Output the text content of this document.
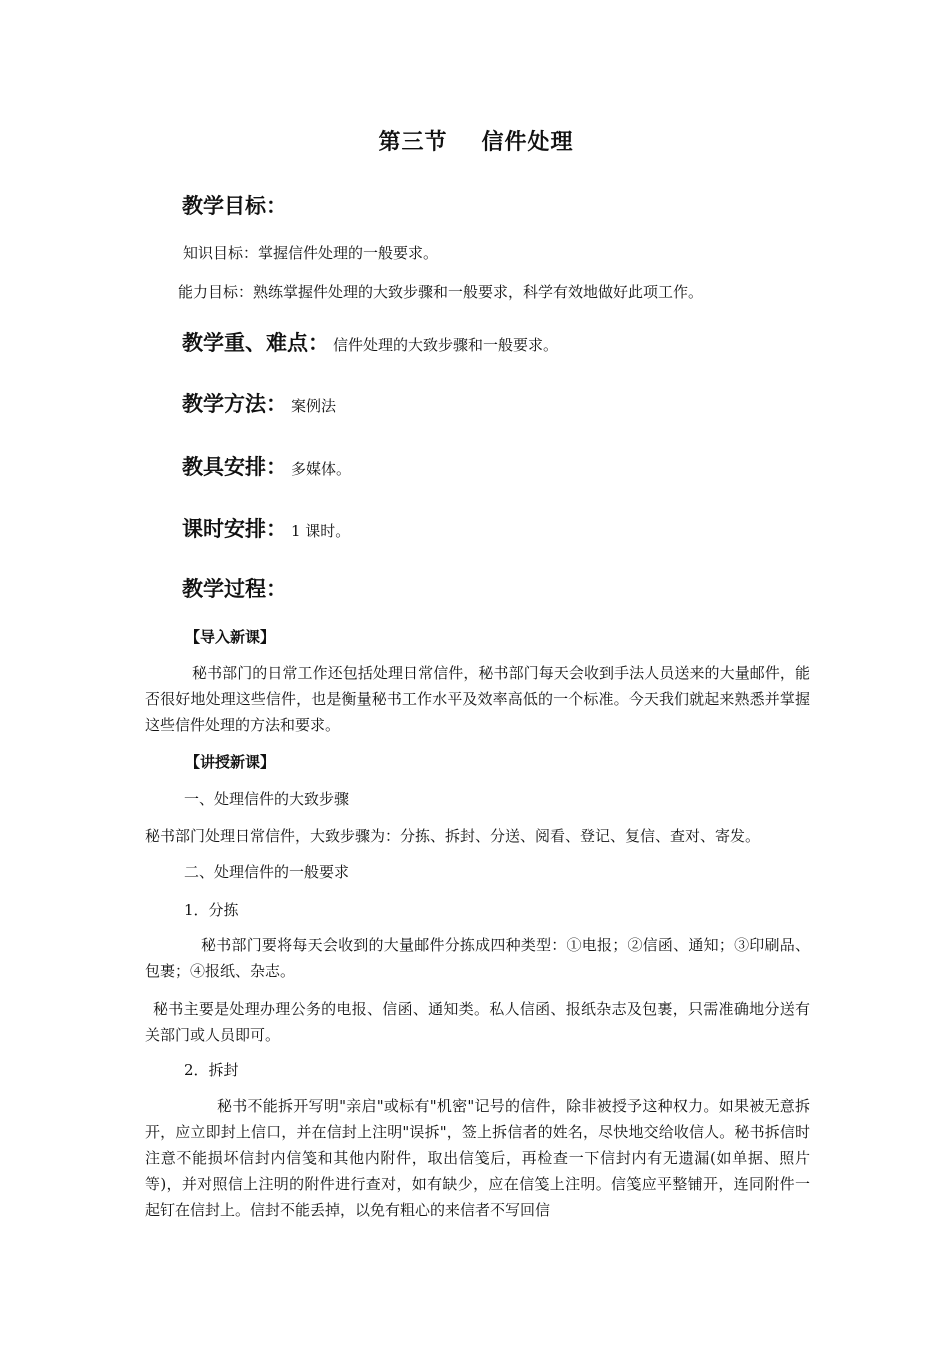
第三节 信件处理
教学目标：
知识目标：掌握信件处理的一般要求。
能力目标：熟练掌握件处理的大致步骤和一般要求，科学有效地做好此项工作。
教学重、难点： 信件处理的大致步骤和一般要求。
教学方法： 案例法
教具安排： 多媒体。
课时安排： 1 课时。
教学过程：
【导入新课】
秘书部门的日常工作还包括处理日常信件，秘书部门每天会收到手法人员送来的大量邮件，能否很好地处理这些信件，也是衡量秘书工作水平及效率高低的一个标准。今天我们就起来熟悉并掌握这些信件处理的方法和要求。
【讲授新课】
一、处理信件的大致步骤
秘书部门处理日常信件，大致步骤为：分拣、拆封、分送、阅看、登记、复信、查对、寄发。
二、处理信件的一般要求
1．分拣
秘书部门要将每天会收到的大量邮件分拣成四种类型：①电报；②信函、通知；③印刷品、包裹；④报纸、杂志。
秘书主要是处理办理公务的电报、信函、通知类。私人信函、报纸杂志及包裹，只需准确地分送有关部门或人员即可。
2．拆封
秘书不能拆开写明"亲启"或标有"机密"记号的信件，除非被授予这种权力。如果被无意拆开，应立即封上信口，并在信封上注明"误拆"，签上拆信者的姓名，尽快地交给收信人。秘书拆信时注意不能损坏信封内信笺和其他内附件，取出信笺后，再检查一下信封内有无遗漏(如单据、照片等)，并对照信上注明的附件进行查对，如有缺少，应在信笺上注明。信笺应平整铺开，连同附件一起钉在信封上。信封不能丢掉，以免有粗心的来信者不写回信
